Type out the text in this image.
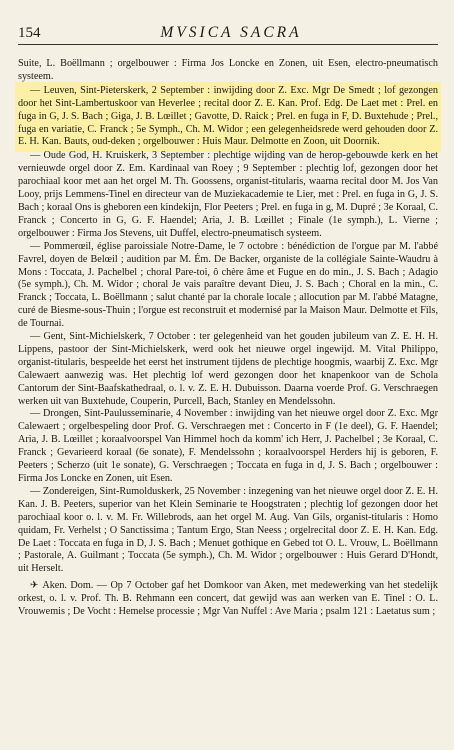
154	MVSICA SACRA

Suite, L. Boëllmann ; orgelbouwer : Firma Jos Loncke en Zonen, uit Esen, electro-pneumatisch systeem.

— Leuven, Sint-Pieterskerk, 2 September : inwijding door Z. Exc. Mgr De Smedt ; lof gezongen door het Sint-Lambertuskoor van Heverlee ; recital door Z. E. Kan. Prof. Edg. De Laet met : Prel. en fuga in G, J. S. Bach ; Giga, J. B. Lœillet ; Gavotte, D. Raick ; Prel. en fuga in F, D. Buxtehude ; Prel., fuga en variatie, C. Franck ; 5e Symph., Ch. M. Widor ; een gelegenheidsrede werd gehouden door Z. E. H. Kan. Bauts, oud-deken ; orgelbouwer : Huis Maur. Delmotte en Zoon, uit Doornik.

— Oude God, H. Kruiskerk, 3 September : plechtige wijding van de herop-gebouwde kerk en het vernieuwde orgel door Z. Em. Kardinaal van Roey ; 9 September : plechtig lof, gezongen door het parochiaal koor met aan het orgel M. Th. Goossens, organist-titularis, waarna recital door M. Jos Van Looy, prijs Lemmens-Tinel en directeur van de Muziekacademie te Lier, met : Prel. en fuga in G, J. S. Bach ; koraal Ons is gheboren een kindekijn, Flor Peeters ; Prel. en fuga in g, M. Dupré ; 3e Koraal, C. Franck ; Concerto in G, G. F. Haendel; Aria, J. B. Lœillet ; Finale (1e symph.), L. Vierne ; orgelbouwer : Firma Jos Stevens, uit Duffel, electro-pneumatisch systeem.

— Pommerœil, église paroissiale Notre-Dame, le 7 octobre : bénédiction de l'orgue par M. l'abbé Favrel, doyen de Belœil ; audition par M. Ém. De Backer, organiste de la collégiale Sainte-Waudru à Mons : Toccata, J. Pachelbel ; choral Pare-toi, ô chère âme et Fugue en do min., J. S. Bach ; Adagio (5e symph.), Ch. M. Widor ; choral Je vais paraître devant Dieu, J. S. Bach ; Choral en la min., C. Franck ; Toccata, L. Boëllmann ; salut chanté par la chorale locale ; allocution par M. l'abbé Matagne, curé de Biesme-sous-Thuin ; l'orgue est reconstruit et modernisé par la Maison Maur. Delmotte et Fils, de Tournai.

— Gent, Sint-Michielskerk, 7 October : ter gelegenheid van het gouden jubileum van Z. E. H. H. Lippens, pastoor der Sint-Michielskerk, werd ook het nieuwe orgel ingewijd. M. Vital Philippo, organist-titularis, bespeelde het eerst het instrument tijdens de plechtige hoogmis, waarbij Z. Exc. Mgr Calewaert aanwezig was. Het plechtig lof werd gezongen door het knapenkoor van de Schola Cantorum der Sint-Baafskathedraal, o. l. v. Z. E. H. Dubuisson. Daarna voerde Prof. G. Verschraegen werken uit van Buxtehude, Couperin, Purcell, Bach, Stanley en Mendelssohn.

— Drongen, Sint-Paulusseminarie, 4 November : inwijding van het nieuwe orgel door Z. Exc. Mgr Calewaert ; orgelbespeling door Prof. G. Verschraegen met : Concerto in F (1e deel), G. F. Haendel; Aria, J. B. Lœillet ; koraalvoorspel Van Himmel hoch da komm' ich Herr, J. Pachelbel ; 3e Koraal, C. Franck ; Gevarieerd koraal (6e sonate), F. Mendelssohn ; koraalvoorspel Herders hij is geboren, F. Peeters ; Scherzo (uit 1e sonate), G. Verschraegen ; Toccata en fuga in d, J. S. Bach ; orgelbouwer : Firma Jos Loncke en Zonen, uit Esen.

— Zondereigen, Sint-Rumolduskerk, 25 November : inzegening van het nieuwe orgel door Z. E. H. Kan. J. B. Peeters, superior van het Klein Seminarie te Hoogstraten ; plechtig lof gezongen door het parochiaal koor o. l. v. M. Fr. Willebrods, aan het orgel M. Aug. Van Gils, organist-titularis : Homo quidam, Fr. Verhelst ; O Sanctissima ; Tantum Ergo, Stan Neess ; orgelrecital door Z. E. H. Kan. Edg. De Laet : Toccata en fuga in D, J. S. Bach ; Menuet gothique en Gebed tot O. L. Vrouw, L. Boëllmann ; Pastorale, A. Guilmant ; Toccata (5e symph.), Ch. M. Widor ; orgelbouwer : Huis Gerard D'Hondt, uit Herselt.

✈ Aken. Dom. — Op 7 October gaf het Domkoor van Aken, met medewerking van het stedelijk orkest, o. l. v. Prof. Th. B. Rehmann een concert, dat gewijd was aan werken van E. Tinel : O. L. Vrouwemis ; De Vocht : Hemelse processie ; Mgr Van Nuffel : Ave Maria ; psalm 121 : Laetatus sum ;
